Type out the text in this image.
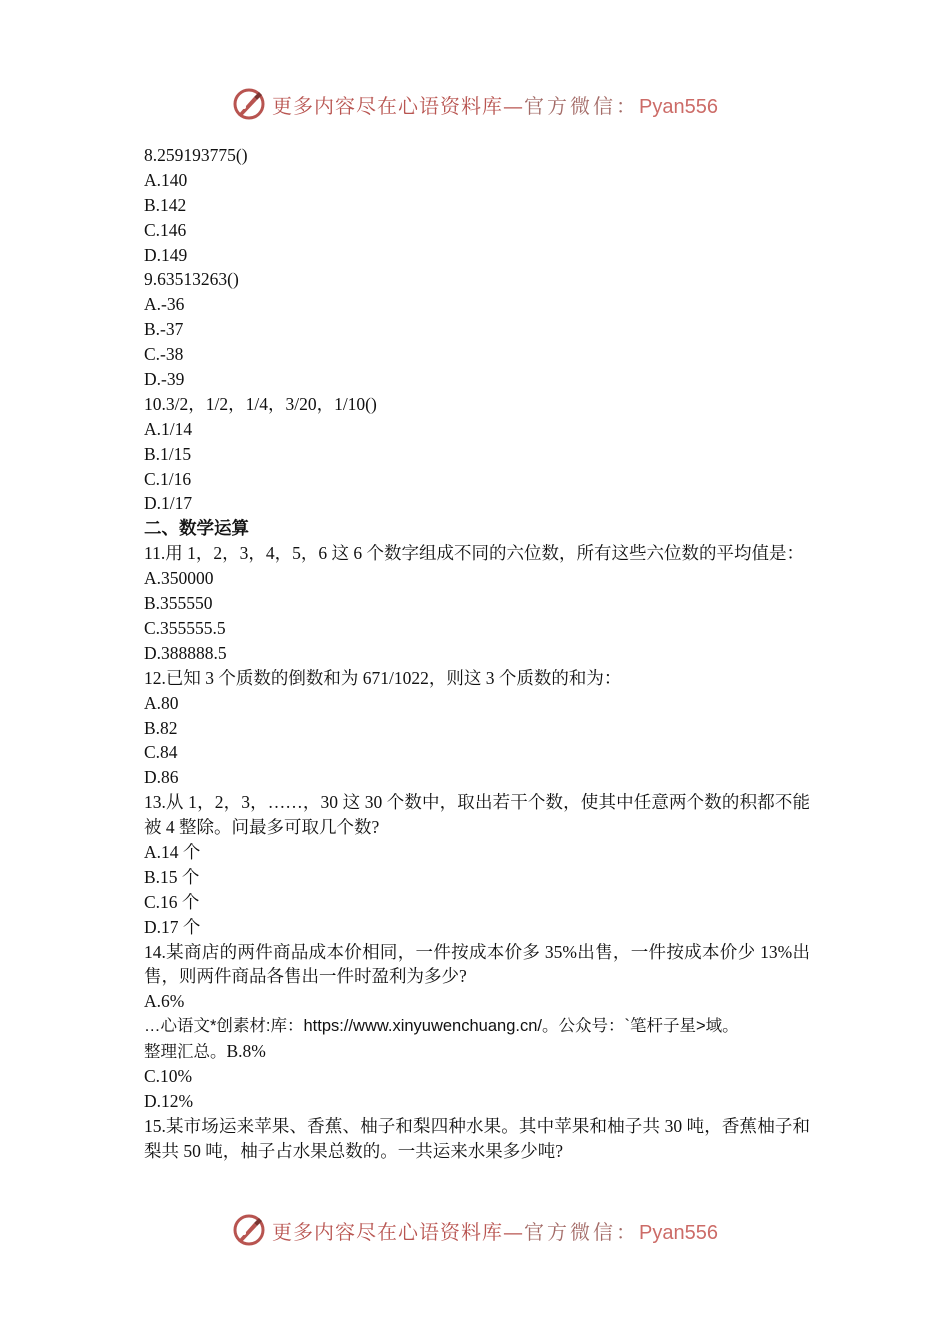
更多内容尽在心语资料库—官方微信：Pyan556
8.259193775()
A.140
B.142
C.146
D.149
9.63513263()
A.-36
B.-37
C.-38
D.-39
10.3/2，1/2，1/4，3/20，1/10()
A.1/14
B.1/15
C.1/16
D.1/17
二、数学运算
11.用 1，2，3，4，5，6 这 6 个数字组成不同的六位数，所有这些六位数的平均值是：
A.350000
B.355550
C.355555.5
D.388888.5
12.已知 3 个质数的倒数和为 671/1022，则这 3 个质数的和为：
A.80
B.82
C.84
D.86
13.从 1，2，3，……，30 这 30 个数中，取出若干个数，使其中任意两个数的积都不能被 4 整除。问最多可取几个数?
A.14 个
B.15 个
C.16 个
D.17 个
14.某商店的两件商品成本价相同，一件按成本价多 35%出售，一件按成本价少 13%出售，则两件商品各售出一件时盈利为多少?
A.6%
…心语文*创素材:库：https://www.xinyuwenchuang.cn/。公众号：`笔杆子星>域。
整理汇总。B.8%
C.10%
D.12%
15.某市场运来苹果、香蕉、柚子和梨四种水果。其中苹果和柚子共 30 吨，香蕉柚子和梨共 50 吨，柚子占水果总数的。一共运来水果多少吨?
更多内容尽在心语资料库—官方微信：Pyan556
